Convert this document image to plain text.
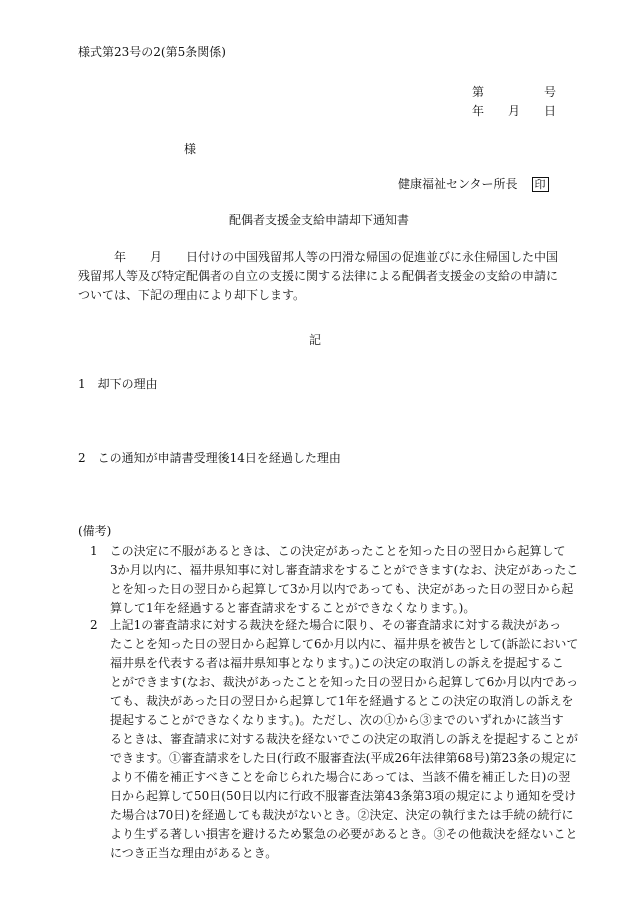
様式第23号の2(第5条関係)
第　　　　　号
年　　月　　日
様
健康福祉センター所長 印
配偶者支援金支給申請却下通知書
　　　年　　月　　日付けの中国残留邦人等の円滑な帰国の促進並びに永住帰国した中国
残留邦人等及び特定配偶者の自立の支援に関する法律による配偶者支援金の支給の申請に
ついては、下記の理由により却下します。
記
1　却下の理由
2　この通知が申請書受理後14日を経過した理由
(備考)
1　この決定に不服があるときは、この決定があったことを知った日の翌日から起算して
3か月以内に、福井県知事に対し審査請求をすることができます(なお、決定があったこ
とを知った日の翌日から起算して3か月以内であっても、決定があった日の翌日から起
算して1年を経過すると審査請求をすることができなくなります。)。
2　上記1の審査請求に対する裁決を経た場合に限り、その審査請求に対する裁決があっ
たことを知った日の翌日から起算して6か月以内に、福井県を被告として(訴訟において
福井県を代表する者は福井県知事となります。)この決定の取消しの訴えを提起するこ
とができます(なお、裁決があったことを知った日の翌日から起算して6か月以内であっ
ても、裁決があった日の翌日から起算して1年を経過するとこの決定の取消しの訴えを
提起することができなくなります。)。ただし、次の①から③までのいずれかに該当す
るときは、審査請求に対する裁決を経ないでこの決定の取消しの訴えを提起することが
できます。①審査請求をした日(行政不服審査法(平成26年法律第68号)第23条の規定に
より不備を補正すべきことを命じられた場合にあっては、当該不備を補正した日)の翌
日から起算して50日(50日以内に行政不服審査法第43条第3項の規定により通知を受け
た場合は70日)を経過しても裁決がないとき。②決定、決定の執行または手続の続行に
より生ずる著しい損害を避けるため緊急の必要があるとき。③その他裁決を経ないこと
につき正当な理由があるとき。
